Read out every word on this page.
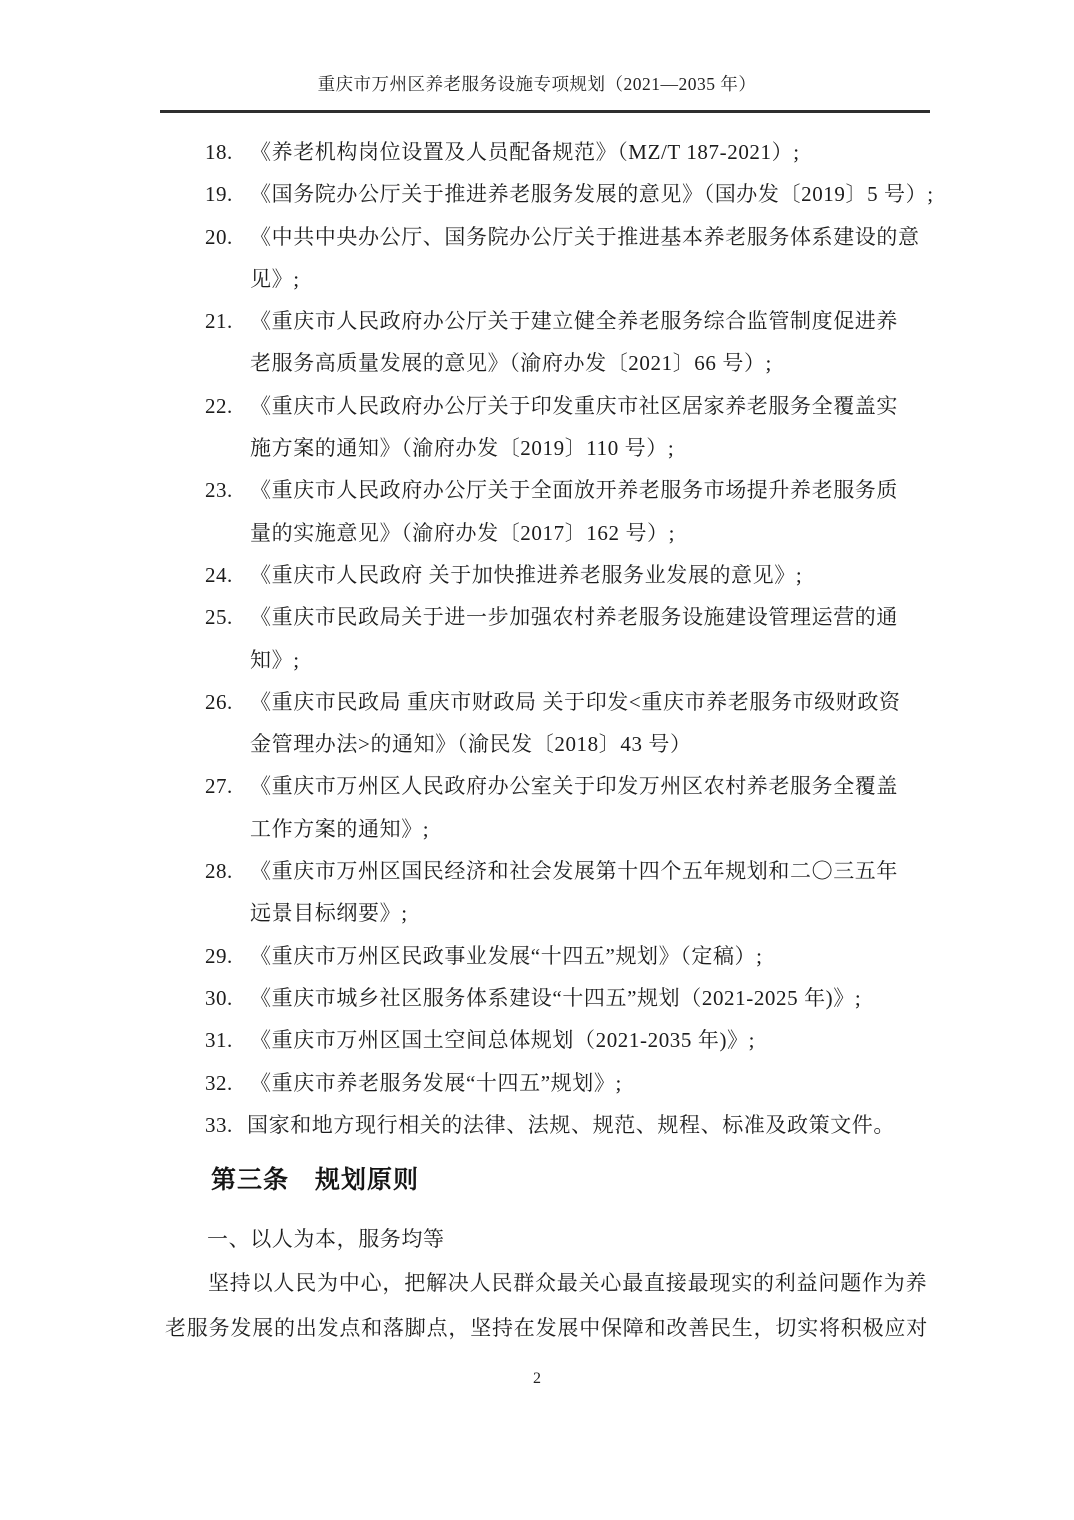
重庆市万州区养老服务设施专项规划（2021—2035 年）
18. 《养老机构岗位设置及人员配备规范》（MZ/T 187-2021）;
19. 《国务院办公厅关于推进养老服务发展的意见》（国办发〔2019〕5 号）;
20. 《中共中央办公厅、国务院办公厅关于推进基本养老服务体系建设的意
见》;
21. 《重庆市人民政府办公厅关于建立健全养老服务综合监管制度促进养
老服务高质量发展的意见》（渝府办发〔2021〕66 号）;
22. 《重庆市人民政府办公厅关于印发重庆市社区居家养老服务全覆盖实
施方案的通知》（渝府办发〔2019〕110 号）;
23. 《重庆市人民政府办公厅关于全面放开养老服务市场提升养老服务质
量的实施意见》（渝府办发〔2017〕162 号）;
24. 《重庆市人民政府 关于加快推进养老服务业发展的意见》;
25. 《重庆市民政局关于进一步加强农村养老服务设施建设管理运营的通
知》;
26. 《重庆市民政局 重庆市财政局 关于印发<重庆市养老服务市级财政资
金管理办法>的通知》（渝民发〔2018〕43 号）
27. 《重庆市万州区人民政府办公室关于印发万州区农村养老服务全覆盖
工作方案的通知》;
28. 《重庆市万州区国民经济和社会发展第十四个五年规划和二〇三五年
远景目标纲要》;
29. 《重庆市万州区民政事业发展“十四五”规划》（定稿）;
30. 《重庆市城乡社区服务体系建设“十四五”规划（2021-2025 年)》;
31. 《重庆市万州区国土空间总体规划（2021-2035 年)》;
32. 《重庆市养老服务发展“十四五”规划》;
33. 国家和地方现行相关的法律、法规、规范、规程、标准及政策文件。
第三条 规划原则

一、以人为本，服务均等

坚持以人民为中心，把解决人民群众最关心最直接最现实的利益问题作为养
老服务发展的出发点和落脚点，坚持在发展中保障和改善民生，切实将积极应对
2
